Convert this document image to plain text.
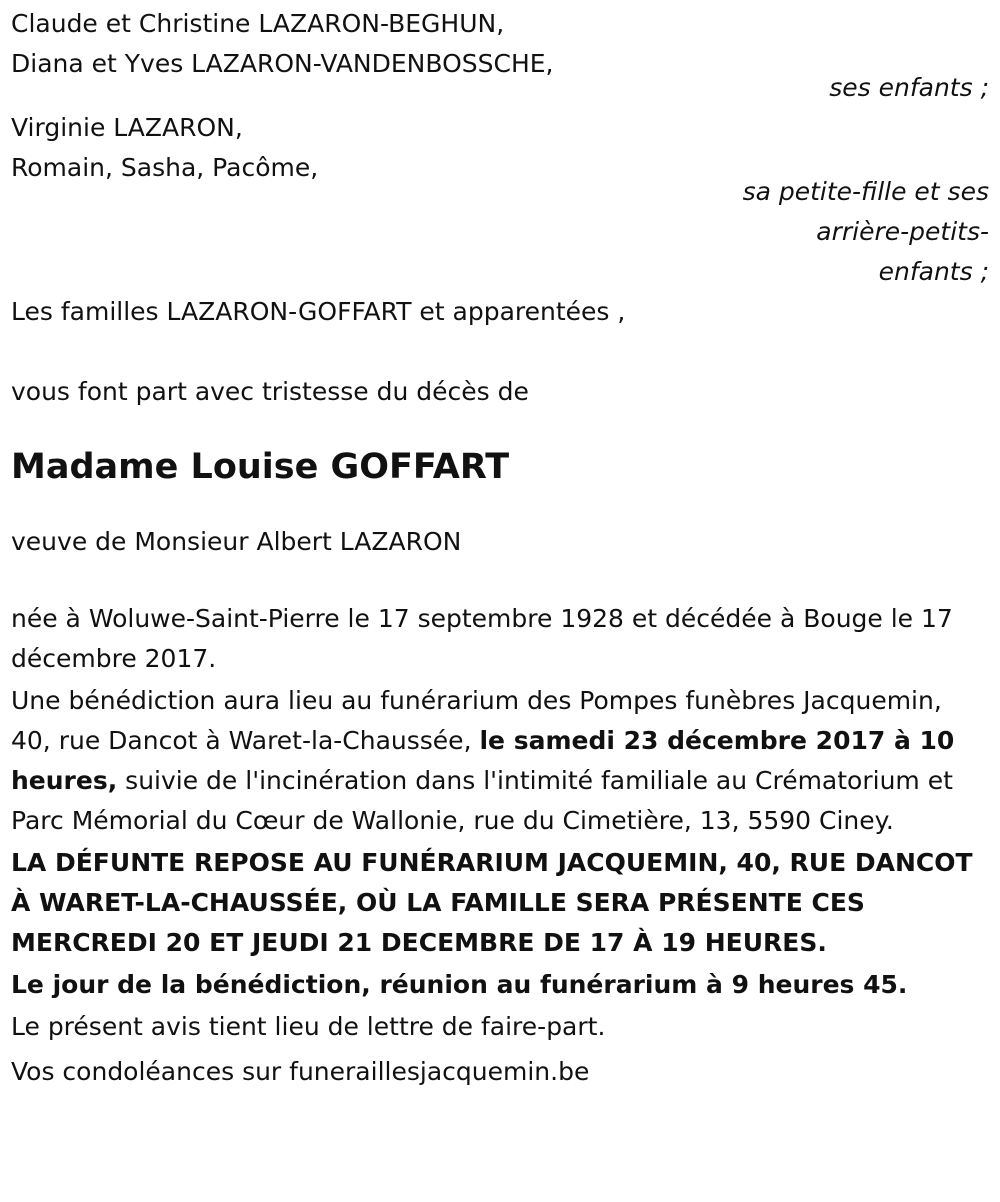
Claude et Christine LAZARON-BEGHUN,

Diana et Yves LAZARON-VANDENBOSSCHE,

ses enfants ;

Virginie LAZARON,

Romain, Sasha, Pacôme,

sa petite-fille et ses

arrière-petits-

enfants ;

Les familles LAZARON-GOFFART et apparentées ,

vous font part avec tristesse du décès de

Madame Louise GOFFART

veuve de Monsieur Albert LAZARON

née à Woluwe-Saint-Pierre le 17 septembre 1928 et décédée à Bouge le 17 décembre 2017.

Une bénédiction aura lieu au funérarium des Pompes funèbres Jacquemin, 40, rue Dancot à Waret-la-Chaussée, le samedi 23 décembre 2017 à 10 heures, suivie de l'incinération dans l'intimité familiale au Crématorium et Parc Mémorial du Cœur de Wallonie, rue du Cimetière, 13, 5590 Ciney.

LA DÉFUNTE REPOSE AU FUNÉRARIUM JACQUEMIN, 40, RUE DANCOT À WARET-LA-CHAUSSÉE, OÙ LA FAMILLE SERA PRÉSENTE CES MERCREDI 20 ET JEUDI 21 DECEMBRE DE 17 À 19 HEURES.

Le jour de la bénédiction, réunion au funérarium à 9 heures 45.

Le présent avis tient lieu de lettre de faire-part.

Vos condoléances sur funeraillesjacquemin.be
